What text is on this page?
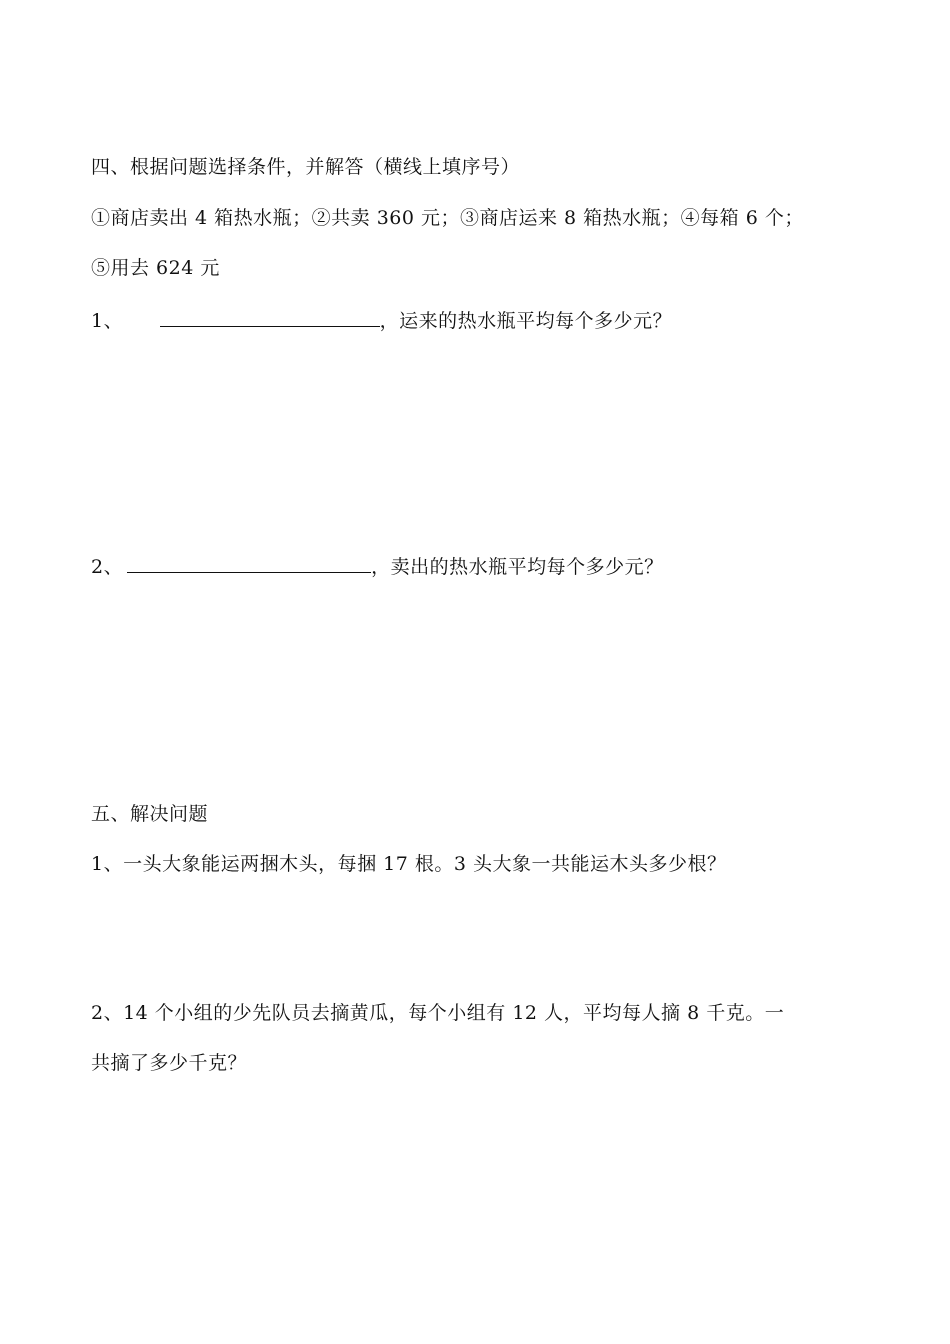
四、根据问题选择条件，并解答（横线上填序号）
①商店卖出 4 箱热水瓶；②共卖 360 元；③商店运来 8 箱热水瓶；④每箱 6 个；
⑤用去 624 元
1、	，运来的热水瓶平均每个多少元？
2、	，卖出的热水瓶平均每个多少元？
五、解决问题
1、一头大象能运两捆木头，每捆 17 根。3 头大象一共能运木头多少根？
2、14 个小组的少先队员去摘黄瓜，每个小组有 12 人，平均每人摘 8 千克。一
共摘了多少千克？
